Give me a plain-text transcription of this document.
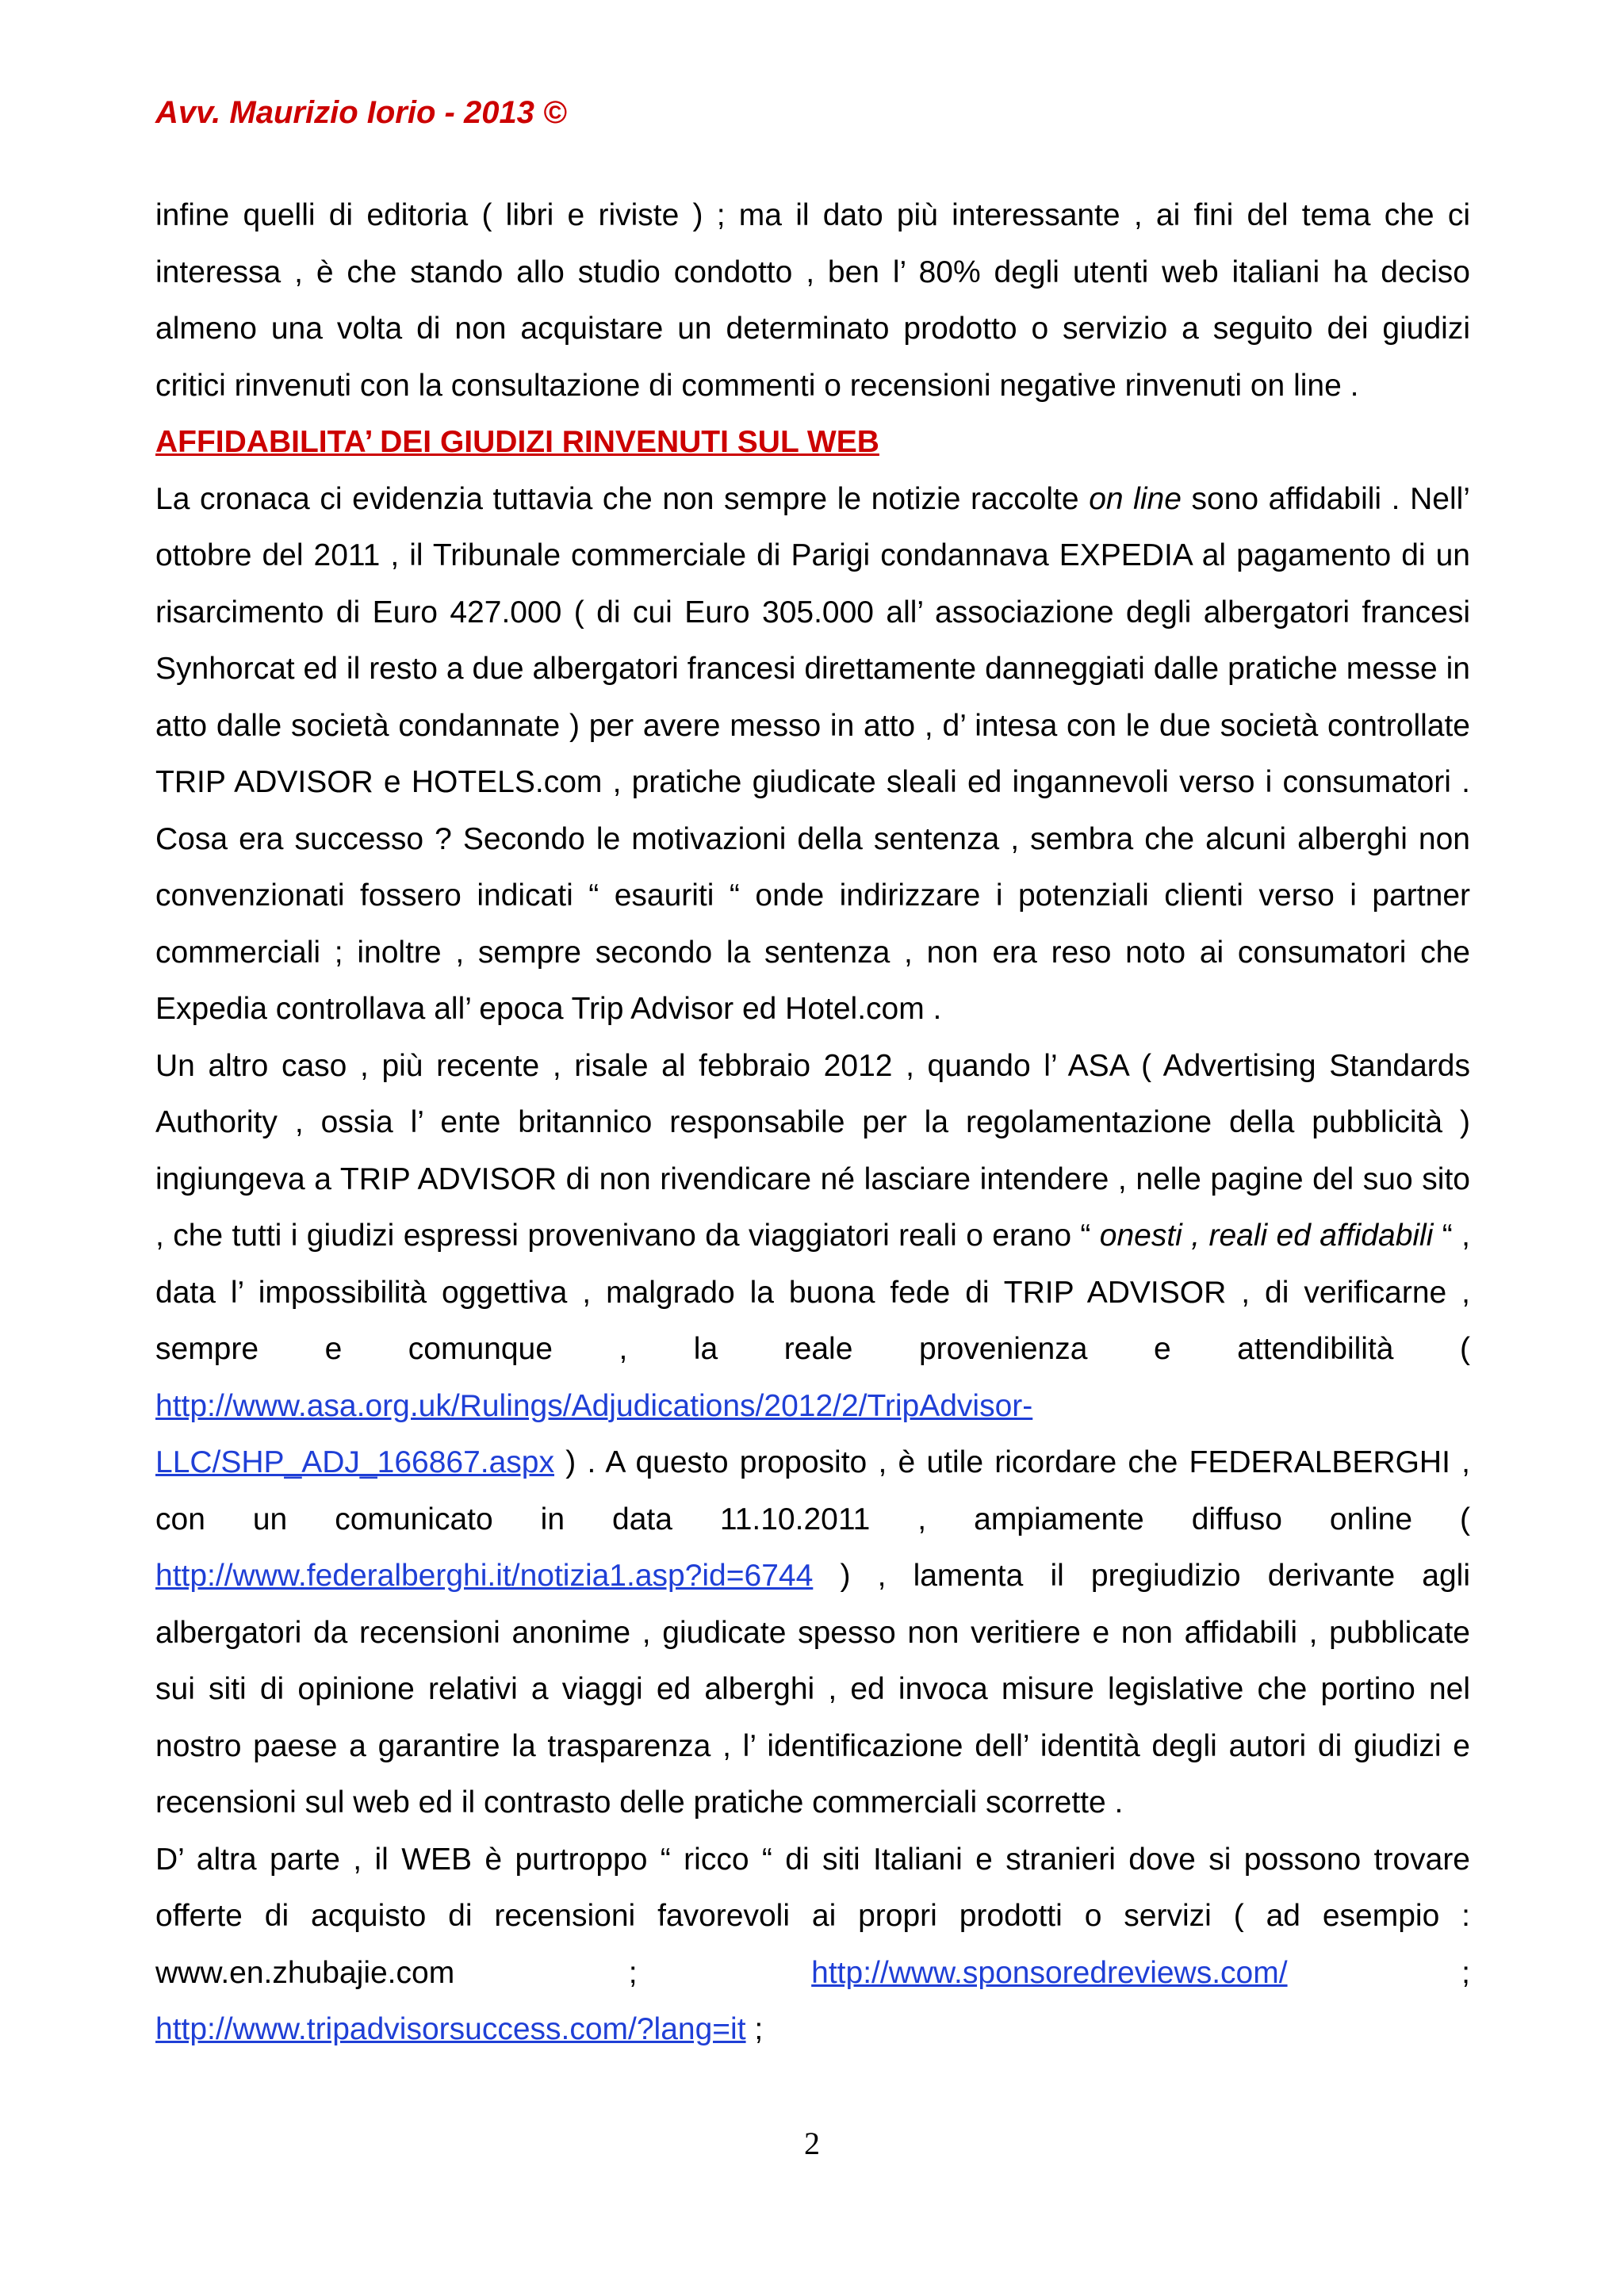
Avv. Maurizio Iorio - 2013 ©

infine quelli di editoria ( libri e riviste ) ; ma il dato più interessante , ai fini del tema che ci interessa , è che stando allo studio condotto , ben l’ 80% degli utenti web italiani ha deciso almeno una volta di non acquistare un determinato prodotto o servizio a seguito dei giudizi critici rinvenuti con la consultazione di commenti o recensioni negative rinvenuti on line .

AFFIDABILITA’ DEI GIUDIZI RINVENUTI SUL WEB

La cronaca ci evidenzia tuttavia che non sempre le notizie raccolte on line sono affidabili . Nell’ ottobre del 2011 , il Tribunale commerciale di Parigi condannava EXPEDIA al pagamento di un risarcimento di Euro 427.000 ( di cui Euro 305.000 all’ associazione degli albergatori francesi Synhorcat ed il resto a due albergatori francesi direttamente danneggiati dalle pratiche messe in atto dalle società condannate ) per avere messo in atto , d’ intesa con le due società controllate TRIP ADVISOR e HOTELS.com , pratiche giudicate sleali ed ingannevoli verso i consumatori . Cosa era successo ? Secondo le motivazioni della sentenza , sembra che alcuni alberghi non convenzionati fossero indicati “ esauriti “ onde indirizzare i potenziali clienti verso i partner commerciali ; inoltre , sempre secondo la sentenza , non era reso noto ai consumatori che Expedia controllava all’ epoca Trip Advisor ed Hotel.com .

Un altro caso , più recente , risale al febbraio 2012 , quando l’ ASA ( Advertising Standards Authority , ossia l’ ente britannico responsabile per la regolamentazione della pubblicità ) ingiungeva a TRIP ADVISOR di non rivendicare né lasciare intendere , nelle pagine del suo sito , che tutti i giudizi espressi provenivano da viaggiatori reali o erano “ onesti , reali ed affidabili “ , data l’ impossibilità oggettiva , malgrado la buona fede di TRIP ADVISOR , di verificarne , sempre e comunque , la reale provenienza e attendibilità (

http://www.asa.org.uk/Rulings/Adjudications/2012/2/TripAdvisor-

LLC/SHP_ADJ_166867.aspx ) . A questo proposito , è utile ricordare che FEDERALBERGHI , con un comunicato in data 11.10.2011 , ampiamente diffuso online ( http://www.federalberghi.it/notizia1.asp?id=6744 ) , lamenta il pregiudizio derivante agli albergatori da recensioni anonime , giudicate spesso non veritiere e non affidabili , pubblicate sui siti di opinione relativi a viaggi ed alberghi , ed invoca misure legislative che portino nel nostro paese a garantire la trasparenza , l’ identificazione dell’ identità degli autori di giudizi e recensioni sul web ed il contrasto delle pratiche commerciali scorrette .

D’ altra parte , il WEB è purtroppo “ ricco “ di siti Italiani e stranieri dove si possono trovare offerte di acquisto di recensioni favorevoli ai propri prodotti o servizi ( ad esempio :

www.en.zhubajie.com	;	http://www.sponsoredreviews.com/	;
http://www.tripadvisorsuccess.com/?lang=it ;
2
